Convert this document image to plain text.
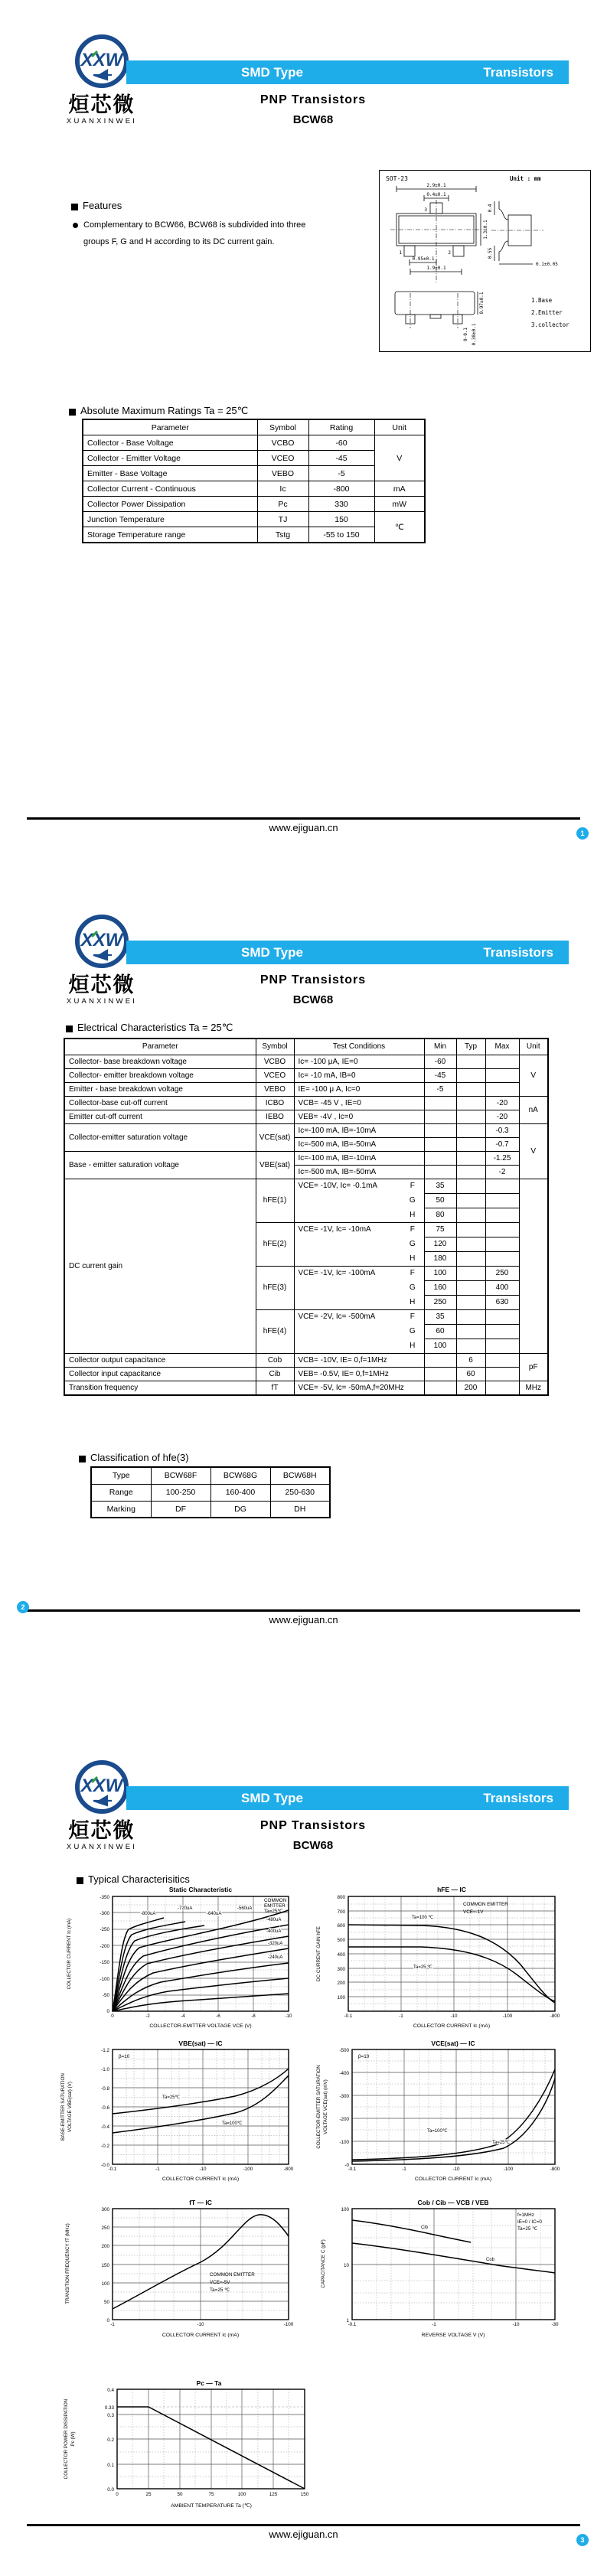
XXW
烜芯微
XUANXINWEI
SMD Type	Transistors
PNP Transistors
BCW68
Features
Complementary to BCW66, BCW68 is subdivided into three groups F, G and H according to its DC current gain.
SOT-23	Unit : mm
2.9±0.1
0.4±0.1
3
1	2
1.3±0.1
0.95±0.1
1.9±0.1
0.4
0.55
0.1±0.05
0.97±0.1
0-0.1 0.38±0.1
1.Base
2.Emitter
3.collector
Absolute Maximum Ratings Ta = 25℃
Parameter	Symbol	Rating	Unit
Collector - Base Voltage	VCBO	-60	V
Collector - Emitter Voltage	VCEO	-45	
Emitter - Base Voltage	VEBO	-5	
Collector Current - Continuous	Ic	-800	mA
Collector Power Dissipation	Pc	330	mW
Junction Temperature	TJ	150	℃
Storage Temperature range	Tstg	-55 to 150	
www.ejiguan.cn	1
XXW
烜芯微
XUANXINWEI
SMD Type	Transistors
PNP Transistors
BCW68
Electrical Characteristics Ta = 25℃
Parameter	Symbol	Test Conditions		Min	Typ	Max	Unit
Collector- base breakdown voltage	VCBO	Ic= -100 μA, IE=0		-60			V
Collector- emitter breakdown voltage	VCEO	Ic= -10 mA, IB=0		-45			
Emitter - base breakdown voltage	VEBO	IE= -100 μ A, Ic=0		-5			
Collector-base cut-off current	ICBO	VCB= -45 V , IE=0				-20	nA
Emitter cut-off current	IEBO	VEB= -4V , Ic=0				-20	
Collector-emitter saturation voltage	VCE(sat)	Ic=-100 mA, IB=-10mA				-0.3	V
		Ic=-500 mA, IB=-50mA				-0.7	
Base - emitter saturation voltage	VBE(sat)	Ic=-100 mA, IB=-10mA				-1.25	
		Ic=-500 mA, IB=-50mA				-2	
DC current gain	hFE(1)	VCE= -10V, Ic= -0.1mA	F	35			
			G	50			
			H	80			
	hFE(2)	VCE= -1V, Ic= -10mA	F	75			
			G	120			
			H	180			
	hFE(3)	VCE= -1V, Ic= -100mA	F	100		250	
			G	160		400	
			H	250		630	
	hFE(4)	VCE= -2V, Ic= -500mA	F	35			
			G	60			
			H	100			
Collector output capacitance	Cob	VCB= -10V, IE= 0,f=1MHz			6		pF
Collector input capacitance	Cib	VEB= -0.5V, IE= 0,f=1MHz			60		
Transition frequency	fT	VCE= -5V, Ic= -50mA,f=20MHz			200		MHz
Classification of hfe(3)
Type	BCW68F	BCW68G	BCW68H
Range	100-250	160-400	250-630
Marking	DF	DG	DH
www.ejiguan.cn
2
XXW
烜芯微
XUANXINWEI
SMD Type	Transistors
PNP Transistors
BCW68
Typical Characterisitics
Static Characteristic
-800uA
-720uA
-640uA
-560uA
-480uA
-400uA
-320uA
-240uA
COMMON
EMITTER
Ta=25℃
-350
-300
-250
-200
-150
-100
-50
0
0	-2	-4	-6	-8	-10
COLLECTOR-EMITTER VOLTAGE VCE (V)
COLLECTOR CURRENT Ic (mA)
hFE — IC
Ta=100 ℃
Ta=25 ℃
COMMON EMITTER
VCE=-1V
800
700
600
500
400
300
200
100
-0.1	-1	-10	-100	-800
COLLECTOR CURRENT Ic (mA)
DC CURRENT GAIN hFE
VBE(sat) — IC
Ta=25℃
Ta=100℃
β=10
-1.2
-1.0
-0.8
-0.6
-0.4
-0.2
-0.0
-0.1	-1	-10	-100	-800
COLLECTOR CURRENT Ic (mA)
BASE-EMITTER SATURATION VOLTAGE VBE(sat) (V)
VCE(sat) — IC
Ta=100℃
Ta=25℃
β=10
-500
-400
-300
-200
-100
-0
-0.1	-1	-10	-100	-800
COLLECTOR CURRENT Ic (mA)
COLLECTOR-EMITTER SATURATION VOLTAGE VCE(sat) (mV)
fT — IC
COMMON EMITTER
VCE=-5V
Ta=25 ℃
300
250
200
150
100
50
0
-1	-10	-100
COLLECTOR CURRENT Ic (mA)
TRANSITION FREQUENCY fT (MHz)
Cob / Cib — VCB / VEB
Cib
Cob
f=1MHz
IE=0 / IC=0
Ta=25 ℃
100
10
1
-0.1	-1	-10	-30
REVERSE VOLTAGE V (V)
CAPACITANCE C (pF)
Pc — Ta
0.4
0.33
0.3
0.2
0.1
0.0
0	25	50	75	100	125	150
AMBIENT TEMPERATURE Ta (℃)
COLLECTOR POWER DISSIPATION Pc (W)
www.ejiguan.cn	3
